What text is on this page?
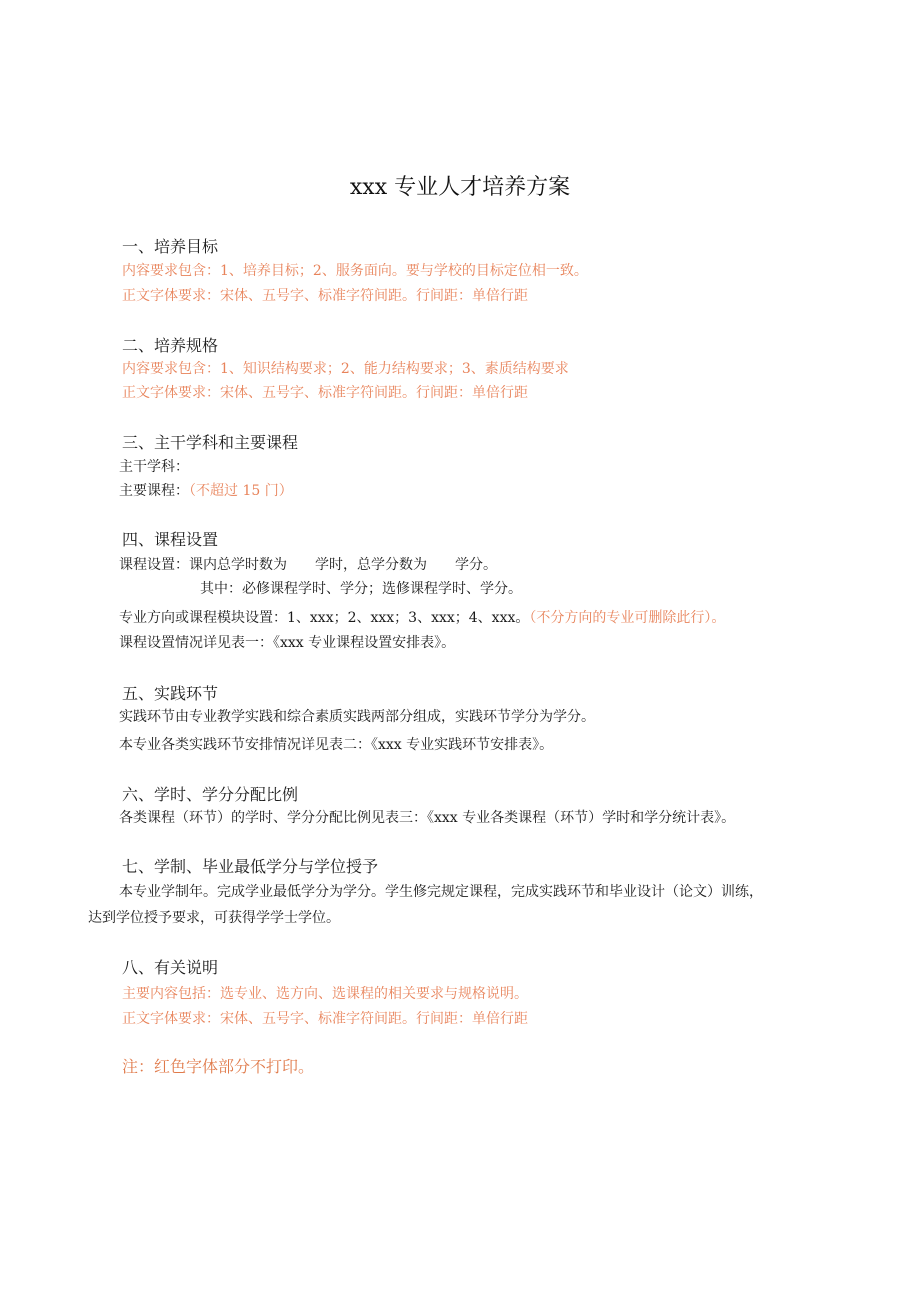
xxx 专业人才培养方案
一、培养目标
内容要求包含：1、培养目标；2、服务面向。要与学校的目标定位相一致。
正文字体要求：宋体、五号字、标准字符间距。行间距：单倍行距
二、培养规格
内容要求包含：1、知识结构要求；2、能力结构要求；3、素质结构要求
正文字体要求：宋体、五号字、标准字符间距。行间距：单倍行距
三、主干学科和主要课程
主干学科：
主要课程：（不超过 15 门）
四、课程设置
课程设置：课内总学时数为　　学时，总学分数为　　学分。
其中：必修课程学时、学分；选修课程学时、学分。
专业方向或课程模块设置：1、xxx；2、xxx；3、xxx；4、xxx。（不分方向的专业可删除此行）。
课程设置情况详见表一：《xxx 专业课程设置安排表》。
五、实践环节
实践环节由专业教学实践和综合素质实践两部分组成，实践环节学分为学分。
本专业各类实践环节安排情况详见表二：《xxx 专业实践环节安排表》。
六、学时、学分分配比例
各类课程（环节）的学时、学分分配比例见表三：《xxx 专业各类课程（环节）学时和学分统计表》。
七、学制、毕业最低学分与学位授予
本专业学制年。完成学业最低学分为学分。学生修完规定课程，完成实践环节和毕业设计（论文）训练，
达到学位授予要求，可获得学学士学位。
八、有关说明
主要内容包括：选专业、选方向、选课程的相关要求与规格说明。
正文字体要求：宋体、五号字、标准字符间距。行间距：单倍行距
注：红色字体部分不打印。
